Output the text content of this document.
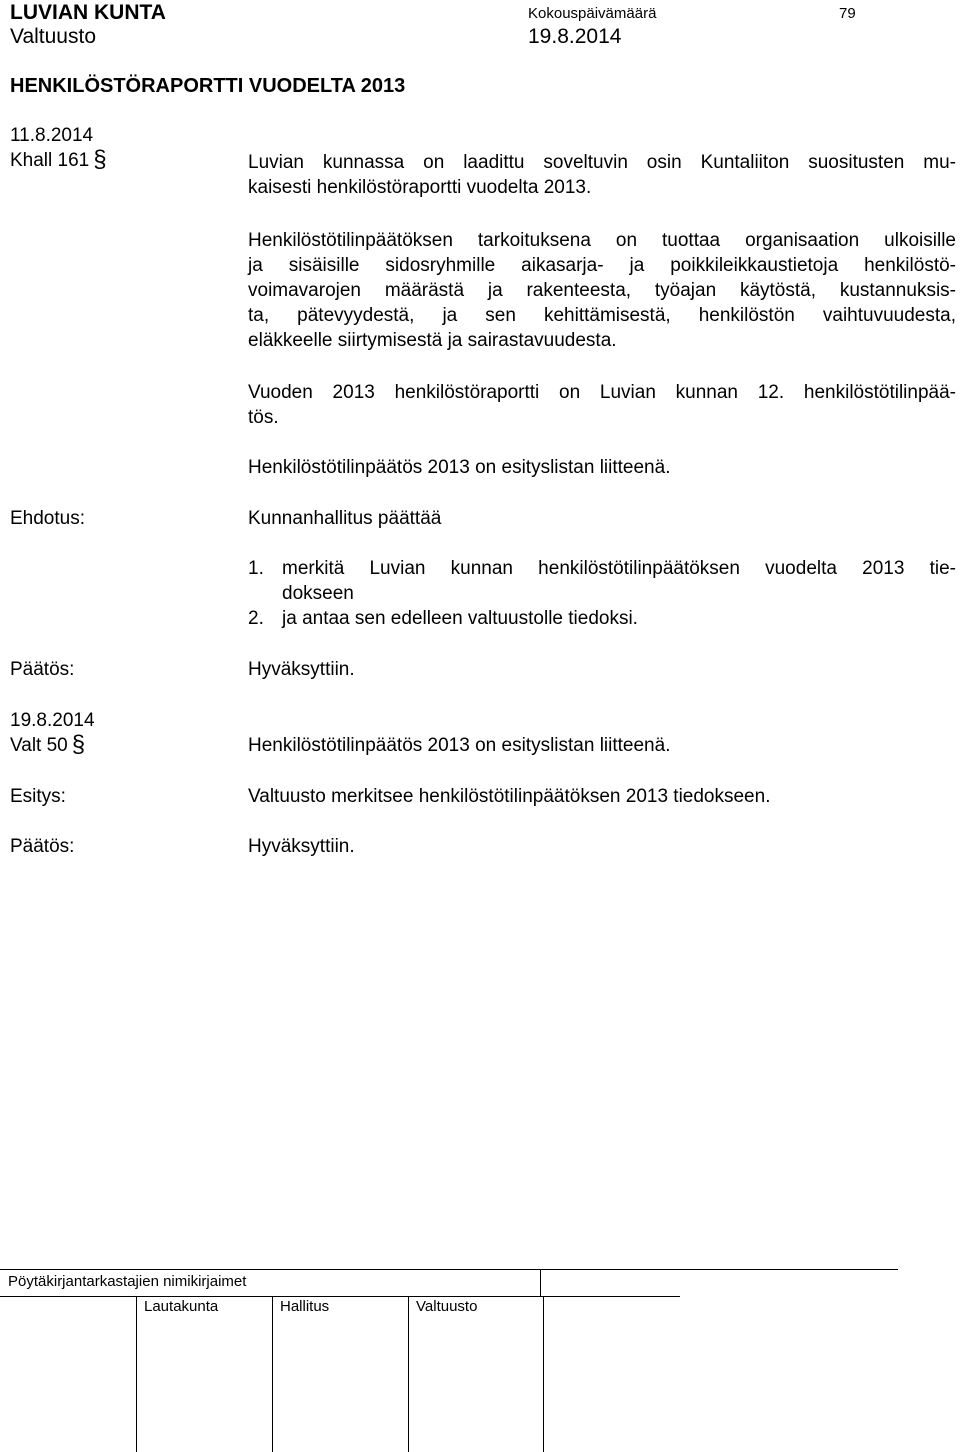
LUVIAN KUNTA	Kokouspäivämäärä	79
Valtuusto	19.8.2014
HENKILÖSTÖRAPORTTI VUODELTA 2013
11.8.2014
Khall 161 §	Luvian kunnassa on laadittu soveltuvin osin Kuntaliiton suositusten mu-
kaisesti henkilöstöraportti vuodelta 2013.
Henkilöstötilinpäätöksen tarkoituksena on tuottaa organisaation ulkoisille
ja sisäisille sidosryhmille aikasarja- ja poikkileikkaustietoja henkilöstö-
voimavarojen määrästä ja rakenteesta, työajan käytöstä, kustannuksis-
ta, pätevyydestä, ja sen kehittämisestä, henkilöstön vaihtuvuudesta,
eläkkeelle siirtymisestä ja sairastavuudesta.
Vuoden 2013 henkilöstöraportti on Luvian kunnan 12. henkilöstötilinpää-
tös.
Henkilöstötilinpäätös 2013 on esityslistan liitteenä.
Ehdotus:	Kunnanhallitus päättää
1. merkitä Luvian kunnan henkilöstötilinpäätöksen vuodelta 2013 tie-
dokseen
2. ja antaa sen edelleen valtuustolle tiedoksi.
Päätös:	Hyväksyttiin.
19.8.2014
Valt 50 §	Henkilöstötilinpäätös 2013 on esityslistan liitteenä.
Esitys:	Valtuusto merkitsee henkilöstötilinpäätöksen 2013 tiedokseen.
Päätös:	Hyväksyttiin.
Pöytäkirjantarkastajien nimikirjaimet
Lautakunta	Hallitus	Valtuusto
